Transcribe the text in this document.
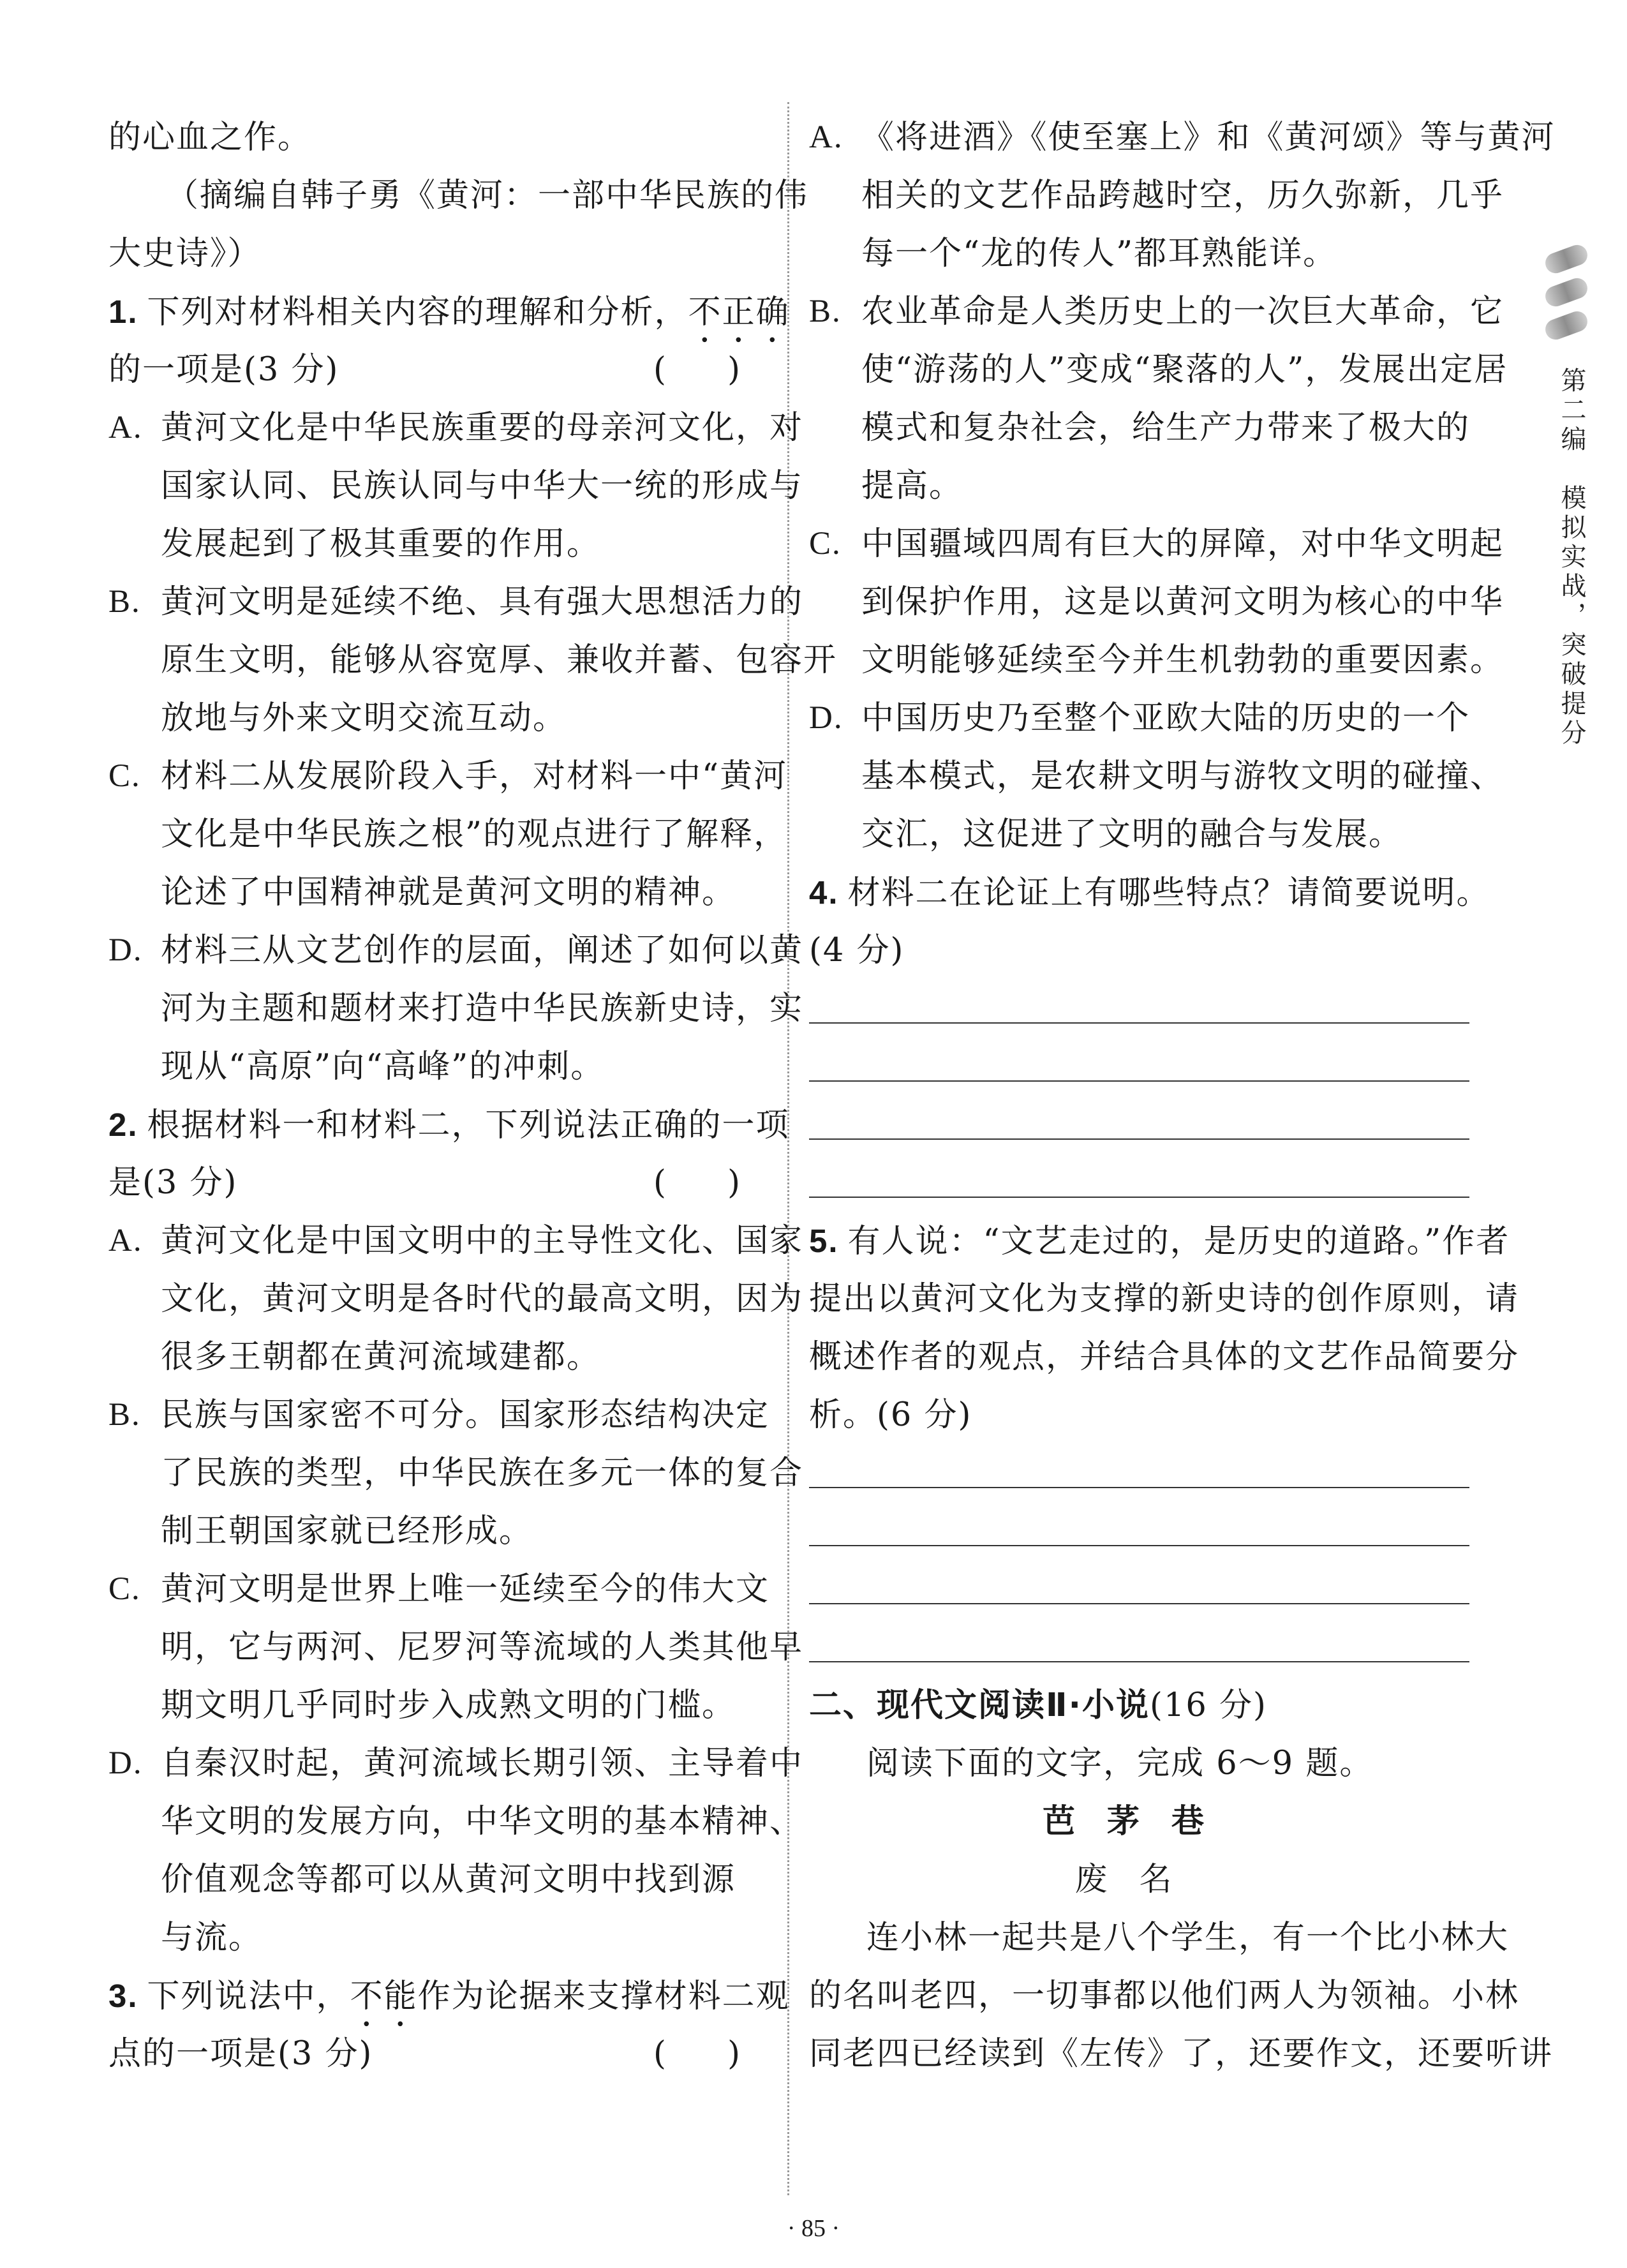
的心血之作。
（摘编自韩子勇《黄河：一部中华民族的伟
大史诗》）
1. 下列对材料相关内容的理解和分析，不正确
的一项是(3 分)	( )
A. 黄河文化是中华民族重要的母亲河文化，对
国家认同、民族认同与中华大一统的形成与
发展起到了极其重要的作用。
B. 黄河文明是延续不绝、具有强大思想活力的
原生文明，能够从容宽厚、兼收并蓄、包容开
放地与外来文明交流互动。
C. 材料二从发展阶段入手，对材料一中“黄河
文化是中华民族之根”的观点进行了解释，
论述了中国精神就是黄河文明的精神。
D. 材料三从文艺创作的层面，阐述了如何以黄
河为主题和题材来打造中华民族新史诗，实
现从“高原”向“高峰”的冲刺。
2. 根据材料一和材料二，下列说法正确的一项
是(3 分)	( )
A. 黄河文化是中国文明中的主导性文化、国家
文化，黄河文明是各时代的最高文明，因为
很多王朝都在黄河流域建都。
B. 民族与国家密不可分。国家形态结构决定
了民族的类型，中华民族在多元一体的复合
制王朝国家就已经形成。
C. 黄河文明是世界上唯一延续至今的伟大文
明，它与两河、尼罗河等流域的人类其他早
期文明几乎同时步入成熟文明的门槛。
D. 自秦汉时起，黄河流域长期引领、主导着中
华文明的发展方向，中华文明的基本精神、
价值观念等都可以从黄河文明中找到源
与流。
3. 下列说法中，不能作为论据来支撑材料二观
点的一项是(3 分)	( )
A. 《将进酒》《使至塞上》和《黄河颂》等与黄河
相关的文艺作品跨越时空，历久弥新，几乎
每一个“龙的传人”都耳熟能详。
B. 农业革命是人类历史上的一次巨大革命，它
使“游荡的人”变成“聚落的人”，发展出定居
模式和复杂社会，给生产力带来了极大的
提高。
C. 中国疆域四周有巨大的屏障，对中华文明起
到保护作用，这是以黄河文明为核心的中华
文明能够延续至今并生机勃勃的重要因素。
D. 中国历史乃至整个亚欧大陆的历史的一个
基本模式，是农耕文明与游牧文明的碰撞、
交汇，这促进了文明的融合与发展。
4. 材料二在论证上有哪些特点？请简要说明。
(4 分)
5. 有人说：“文艺走过的，是历史的道路。”作者
提出以黄河文化为支撑的新史诗的创作原则，请
概述作者的观点，并结合具体的文艺作品简要分
析。(6 分)
二、现代文阅读Ⅱ·小说(16 分)
阅读下面的文字，完成 6～9 题。
芭茅巷
废名
连小林一起共是八个学生，有一个比小林大
的名叫老四，一切事都以他们两人为领袖。小林
同老四已经读到《左传》了，还要作文，还要听讲
第二编　模拟实战，突破提分
· 85 ·
